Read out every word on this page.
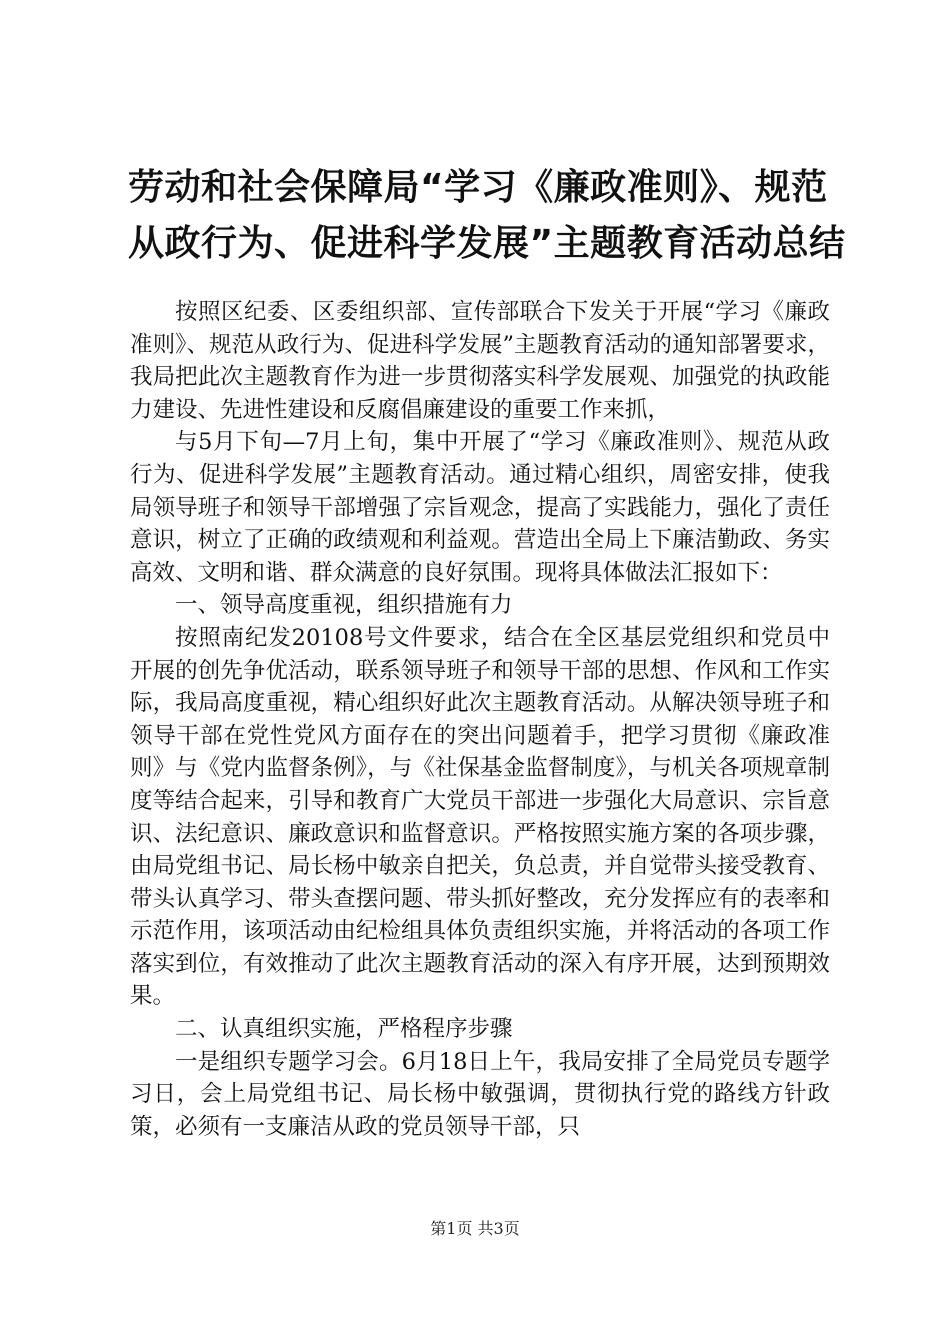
劳动和社会保障局“学习《廉政准则》、规范从政行为、促进科学发展”主题教育活动总结

按照区纪委、区委组织部、宣传部联合下发关于开展“学习《廉政准则》、规范从政行为、促进科学发展”主题教育活动的通知部署要求，我局把此次主题教育作为进一步贯彻落实科学发展观、加强党的执政能力建设、先进性建设和反腐倡廉建设的重要工作来抓，

与5月下旬—7月上旬，集中开展了“学习《廉政准则》、规范从政行为、促进科学发展”主题教育活动。通过精心组织，周密安排，使我局领导班子和领导干部增强了宗旨观念，提高了实践能力，强化了责任意识，树立了正确的政绩观和利益观。营造出全局上下廉洁勤政、务实高效、文明和谐、群众满意的良好氛围。现将具体做法汇报如下：

一、领导高度重视，组织措施有力

按照南纪发20108号文件要求，结合在全区基层党组织和党员中开展的创先争优活动，联系领导班子和领导干部的思想、作风和工作实际，我局高度重视，精心组织好此次主题教育活动。从解决领导班子和领导干部在党性党风方面存在的突出问题着手，把学习贯彻《廉政准则》与《党内监督条例》，与《社保基金监督制度》，与机关各项规章制度等结合起来，引导和教育广大党员干部进一步强化大局意识、宗旨意识、法纪意识、廉政意识和监督意识。严格按照实施方案的各项步骤，由局党组书记、局长杨中敏亲自把关，负总责，并自觉带头接受教育、带头认真学习、带头查摆问题、带头抓好整改，充分发挥应有的表率和示范作用，该项活动由纪检组具体负责组织实施，并将活动的各项工作落实到位，有效推动了此次主题教育活动的深入有序开展，达到预期效果。

二、认真组织实施，严格程序步骤

一是组织专题学习会。6月18日上午，我局安排了全局党员专题学习日，会上局党组书记、局长杨中敏强调，贯彻执行党的路线方针政策，必须有一支廉洁从政的党员领导干部，只

第1页 共3页
